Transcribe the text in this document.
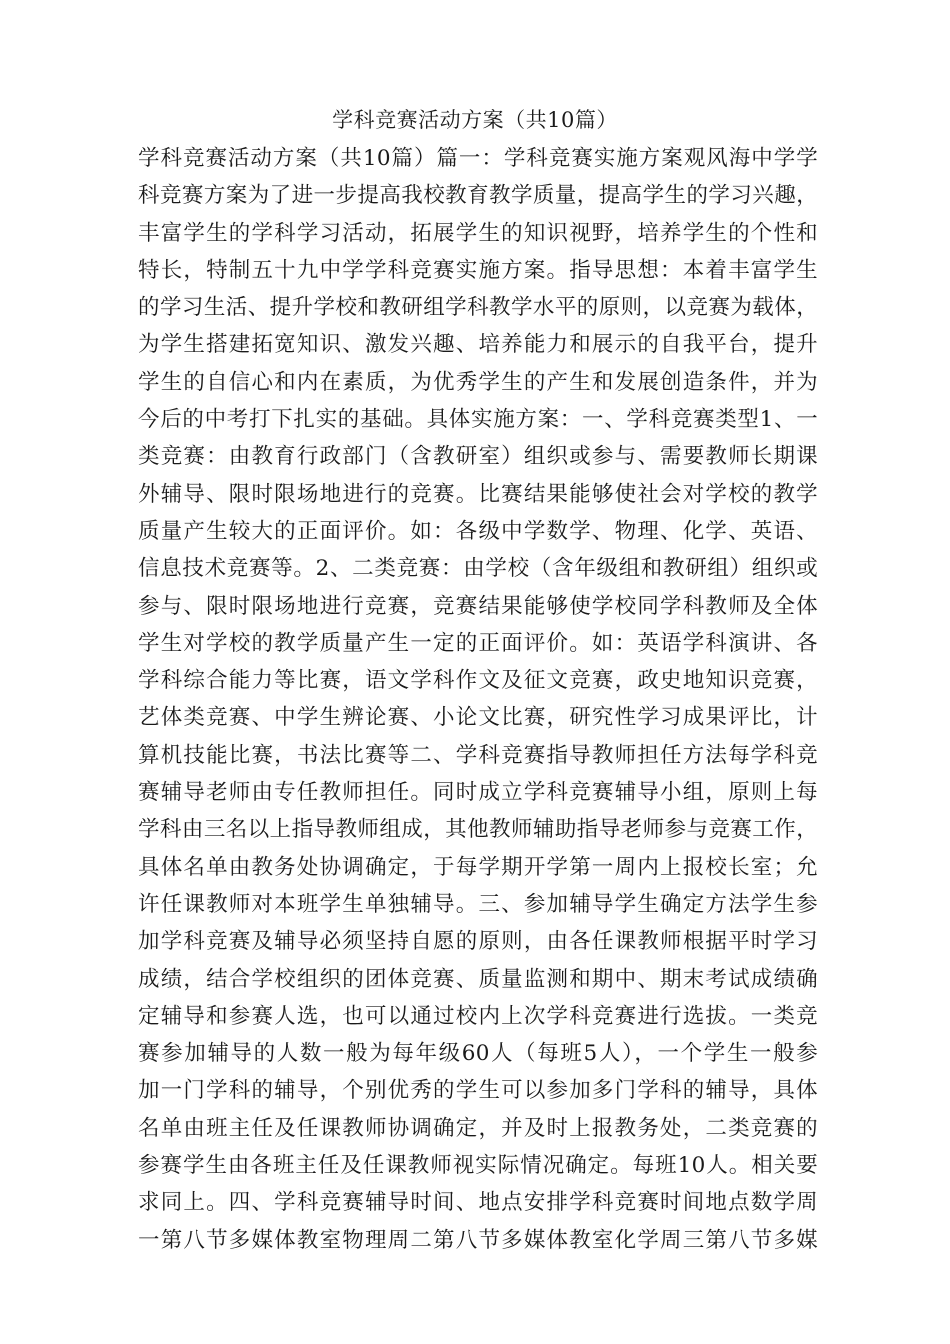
学科竞赛活动方案（共10篇）
学科竞赛活动方案（共10篇）篇一：学科竞赛实施方案观风海中学学
科竞赛方案为了进一步提高我校教育教学质量，提高学生的学习兴趣，
丰富学生的学科学习活动，拓展学生的知识视野，培养学生的个性和
特长，特制五十九中学学科竞赛实施方案。指导思想：本着丰富学生
的学习生活、提升学校和教研组学科教学水平的原则，以竞赛为载体，
为学生搭建拓宽知识、激发兴趣、培养能力和展示的自我平台，提升
学生的自信心和内在素质，为优秀学生的产生和发展创造条件，并为
今后的中考打下扎实的基础。具体实施方案：一、学科竞赛类型1、一
类竞赛：由教育行政部门（含教研室）组织或参与、需要教师长期课
外辅导、限时限场地进行的竞赛。比赛结果能够使社会对学校的教学
质量产生较大的正面评价。如：各级中学数学、物理、化学、英语、
信息技术竞赛等。2、二类竞赛：由学校（含年级组和教研组）组织或
参与、限时限场地进行竞赛，竞赛结果能够使学校同学科教师及全体
学生对学校的教学质量产生一定的正面评价。如：英语学科演讲、各
学科综合能力等比赛，语文学科作文及征文竞赛，政史地知识竞赛，
艺体类竞赛、中学生辨论赛、小论文比赛，研究性学习成果评比，计
算机技能比赛，书法比赛等二、学科竞赛指导教师担任方法每学科竞
赛辅导老师由专任教师担任。同时成立学科竞赛辅导小组，原则上每
学科由三名以上指导教师组成，其他教师辅助指导老师参与竞赛工作，
具体名单由教务处协调确定，于每学期开学第一周内上报校长室；允
许任课教师对本班学生单独辅导。三、参加辅导学生确定方法学生参
加学科竞赛及辅导必须坚持自愿的原则，由各任课教师根据平时学习
成绩，结合学校组织的团体竞赛、质量监测和期中、期末考试成绩确
定辅导和参赛人选，也可以通过校内上次学科竞赛进行选拔。一类竞
赛参加辅导的人数一般为每年级60人（每班5人），一个学生一般参
加一门学科的辅导，个别优秀的学生可以参加多门学科的辅导，具体
名单由班主任及任课教师协调确定，并及时上报教务处，二类竞赛的
参赛学生由各班主任及任课教师视实际情况确定。每班10人。相关要
求同上。四、学科竞赛辅导时间、地点安排学科竞赛时间地点数学周
一第八节多媒体教室物理周二第八节多媒体教室化学周三第八节多媒
